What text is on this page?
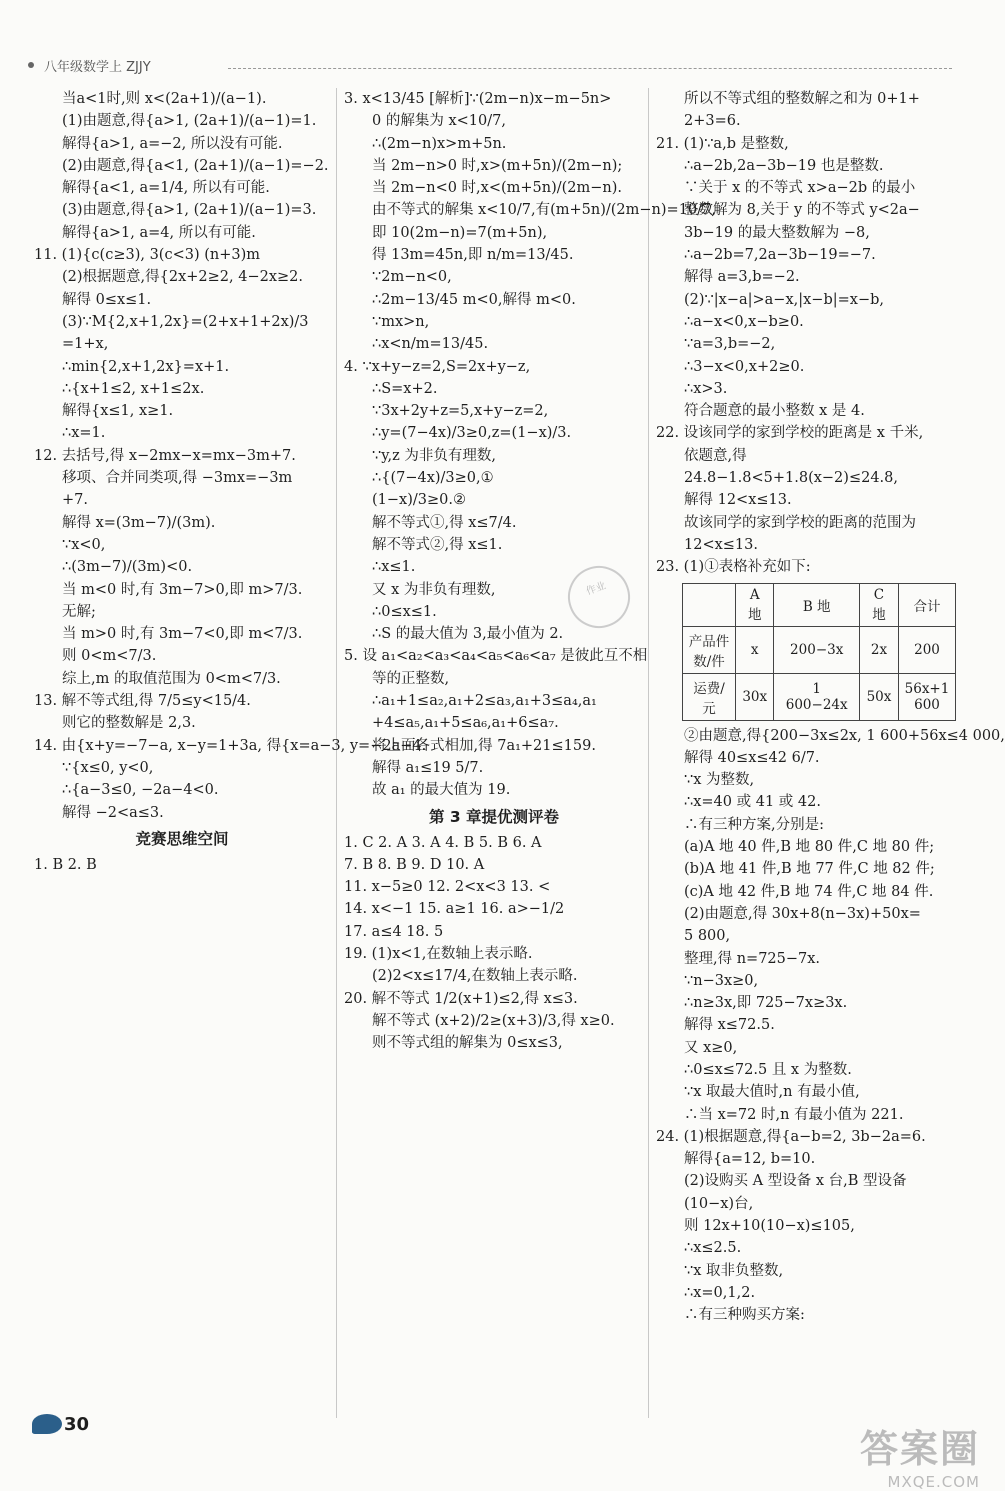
八年级数学上 ZJJY
当a<1时,则 x<(2a+1)/(a−1).
(1)由题意,得{a>1, (2a+1)/(a−1)=1.
解得{a>1, a=−2, 所以没有可能.
(2)由题意,得{a<1, (2a+1)/(a−1)=−2.
解得{a<1, a=1/4, 所以有可能.
(3)由题意,得{a>1, (2a+1)/(a−1)=3.
解得{a>1, a=4, 所以有可能.
11. (1){c(c≥3), 3(c<3) (n+3)m
(2)根据题意,得{2x+2≥2, 4−2x≥2.
解得 0≤x≤1.
(3)∵M{2,x+1,2x}=(2+x+1+2x)/3
=1+x,
∴min{2,x+1,2x}=x+1.
∴{x+1≤2, x+1≤2x.
解得{x≤1, x≥1.
∴x=1.
12. 去括号,得 x−2mx−x=mx−3m+7.
移项、合并同类项,得 −3mx=−3m
+7.
解得 x=(3m−7)/(3m).
∵x<0,
∴(3m−7)/(3m)<0.
当 m<0 时,有 3m−7>0,即 m>7/3.
无解;
当 m>0 时,有 3m−7<0,即 m<7/3.
则 0<m<7/3.
综上,m 的取值范围为 0<m<7/3.
13. 解不等式组,得 7/5≤y<15/4.
则它的整数解是 2,3.
14. 由{x+y=−7−a, x−y=1+3a, 得{x=a−3, y=−2a−4.
∵{x≤0, y<0,
∴{a−3≤0, −2a−4<0.
解得 −2<a≤3.
竞赛思维空间
1. B 2. B
3. x<13/45 [解析]∵(2m−n)x−m−5n>
0 的解集为 x<10/7,
∴(2m−n)x>m+5n.
当 2m−n>0 时,x>(m+5n)/(2m−n);
当 2m−n<0 时,x<(m+5n)/(2m−n).
由不等式的解集 x<10/7,有(m+5n)/(2m−n)=10/7,
即 10(2m−n)=7(m+5n),
得 13m=45n,即 n/m=13/45.
∵2m−n<0,
∴2m−13/45 m<0,解得 m<0.
∵mx>n,
∴x<n/m=13/45.
4. ∵x+y−z=2,S=2x+y−z,
∴S=x+2.
∵3x+2y+z=5,x+y−z=2,
∴y=(7−4x)/3≥0,z=(1−x)/3.
∵y,z 为非负有理数,
∴{(7−4x)/3≥0,①
(1−x)/3≥0.②
解不等式①,得 x≤7/4.
解不等式②,得 x≤1.
∴x≤1.
又 x 为非负有理数,
∴0≤x≤1.
∴S 的最大值为 3,最小值为 2.
5. 设 a₁<a₂<a₃<a₄<a₅<a₆<a₇ 是彼此互不相
等的正整数,
∴a₁+1≤a₂,a₁+2≤a₃,a₁+3≤a₄,a₁
+4≤a₅,a₁+5≤a₆,a₁+6≤a₇.
将上面各式相加,得 7a₁+21≤159.
解得 a₁≤19 5/7.
故 a₁ 的最大值为 19.
第 3 章提优测评卷
1. C 2. A 3. A 4. B 5. B 6. A
7. B 8. B 9. D 10. A
11. x−5≥0 12. 2<x<3 13. <
14. x<−1 15. a≥1 16. a>−1/2
17. a≤4 18. 5
19. (1)x<1,在数轴上表示略.
(2)2<x≤17/4,在数轴上表示略.
20. 解不等式 1/2(x+1)≤2,得 x≤3.
解不等式 (x+2)/2≥(x+3)/3,得 x≥0.
则不等式组的解集为 0≤x≤3,
所以不等式组的整数解之和为 0+1+
2+3=6.
21. (1)∵a,b 是整数,
∴a−2b,2a−3b−19 也是整数.
∵关于 x 的不等式 x>a−2b 的最小
整数解为 8,关于 y 的不等式 y<2a−
3b−19 的最大整数解为 −8,
∴a−2b=7,2a−3b−19=−7.
解得 a=3,b=−2.
(2)∵|x−a|>a−x,|x−b|=x−b,
∴a−x<0,x−b≥0.
∵a=3,b=−2,
∴3−x<0,x+2≥0.
∴x>3.
符合题意的最小整数 x 是 4.
22. 设该同学的家到学校的距离是 x 千米,
依题意,得
24.8−1.8<5+1.8(x−2)≤24.8,
解得 12<x≤13.
故该同学的家到学校的距离的范围为
12<x≤13.
23. (1)①表格补充如下:
	A 地	B 地	C 地	合计
产品件数/件	x	200−3x	2x	200
运费/元	30x	1 600−24x	50x	56x+1 600
②由题意,得{200−3x≤2x, 1 600+56x≤4 000,
解得 40≤x≤42 6/7.
∵x 为整数,
∴x=40 或 41 或 42.
∴有三种方案,分别是:
(a)A 地 40 件,B 地 80 件,C 地 80 件;
(b)A 地 41 件,B 地 77 件,C 地 82 件;
(c)A 地 42 件,B 地 74 件,C 地 84 件.
(2)由题意,得 30x+8(n−3x)+50x=
5 800,
整理,得 n=725−7x.
∵n−3x≥0,
∴n≥3x,即 725−7x≥3x.
解得 x≤72.5.
又 x≥0,
∴0≤x≤72.5 且 x 为整数.
∵x 取最大值时,n 有最小值,
∴当 x=72 时,n 有最小值为 221.
24. (1)根据题意,得{a−b=2, 3b−2a=6.
解得{a=12, b=10.
(2)设购买 A 型设备 x 台,B 型设备
(10−x)台,
则 12x+10(10−x)≤105,
∴x≤2.5.
∵x 取非负整数,
∴x=0,1,2.
∴有三种购买方案:

作业
30
答案圈
MXQE.COM
